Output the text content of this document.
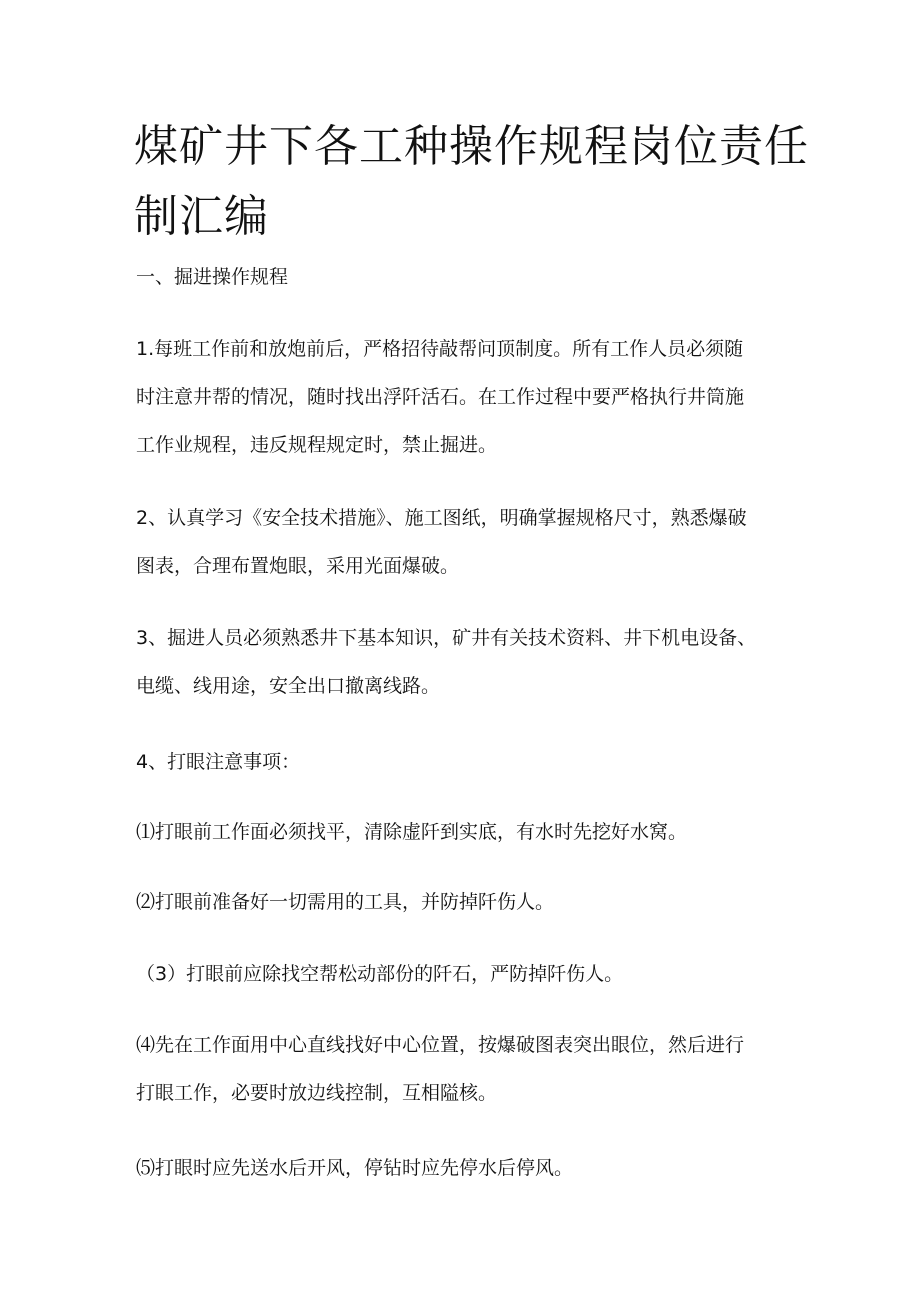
煤矿井下各工种操作规程岗位责任
制汇编

一、掘进操作规程

1.每班工作前和放炮前后，严格招待敲帮问顶制度。所有工作人员必须随
时注意井帮的情况，随时找出浮阡活石。在工作过程中要严格执行井筒施
工作业规程，违反规程规定时，禁止掘进。

2、认真学习《安全技术措施》、施工图纸，明确掌握规格尺寸，熟悉爆破
图表，合理布置炮眼，采用光面爆破。

3、掘进人员必须熟悉井下基本知识，矿井有关技术资料、井下机电设备、
电缆、线用途，安全出口撤离线路。

4、打眼注意事项：

⑴打眼前工作面必须找平，清除虚阡到实底，有水时先挖好水窝。

⑵打眼前准备好一切需用的工具，并防掉阡伤人。

（3）打眼前应除找空帮松动部份的阡石，严防掉阡伤人。

⑷先在工作面用中心直线找好中心位置，按爆破图表突出眼位，然后进行
打眼工作，必要时放边线控制，互相隘核。

⑸打眼时应先送水后开风，停钻时应先停水后停风。
